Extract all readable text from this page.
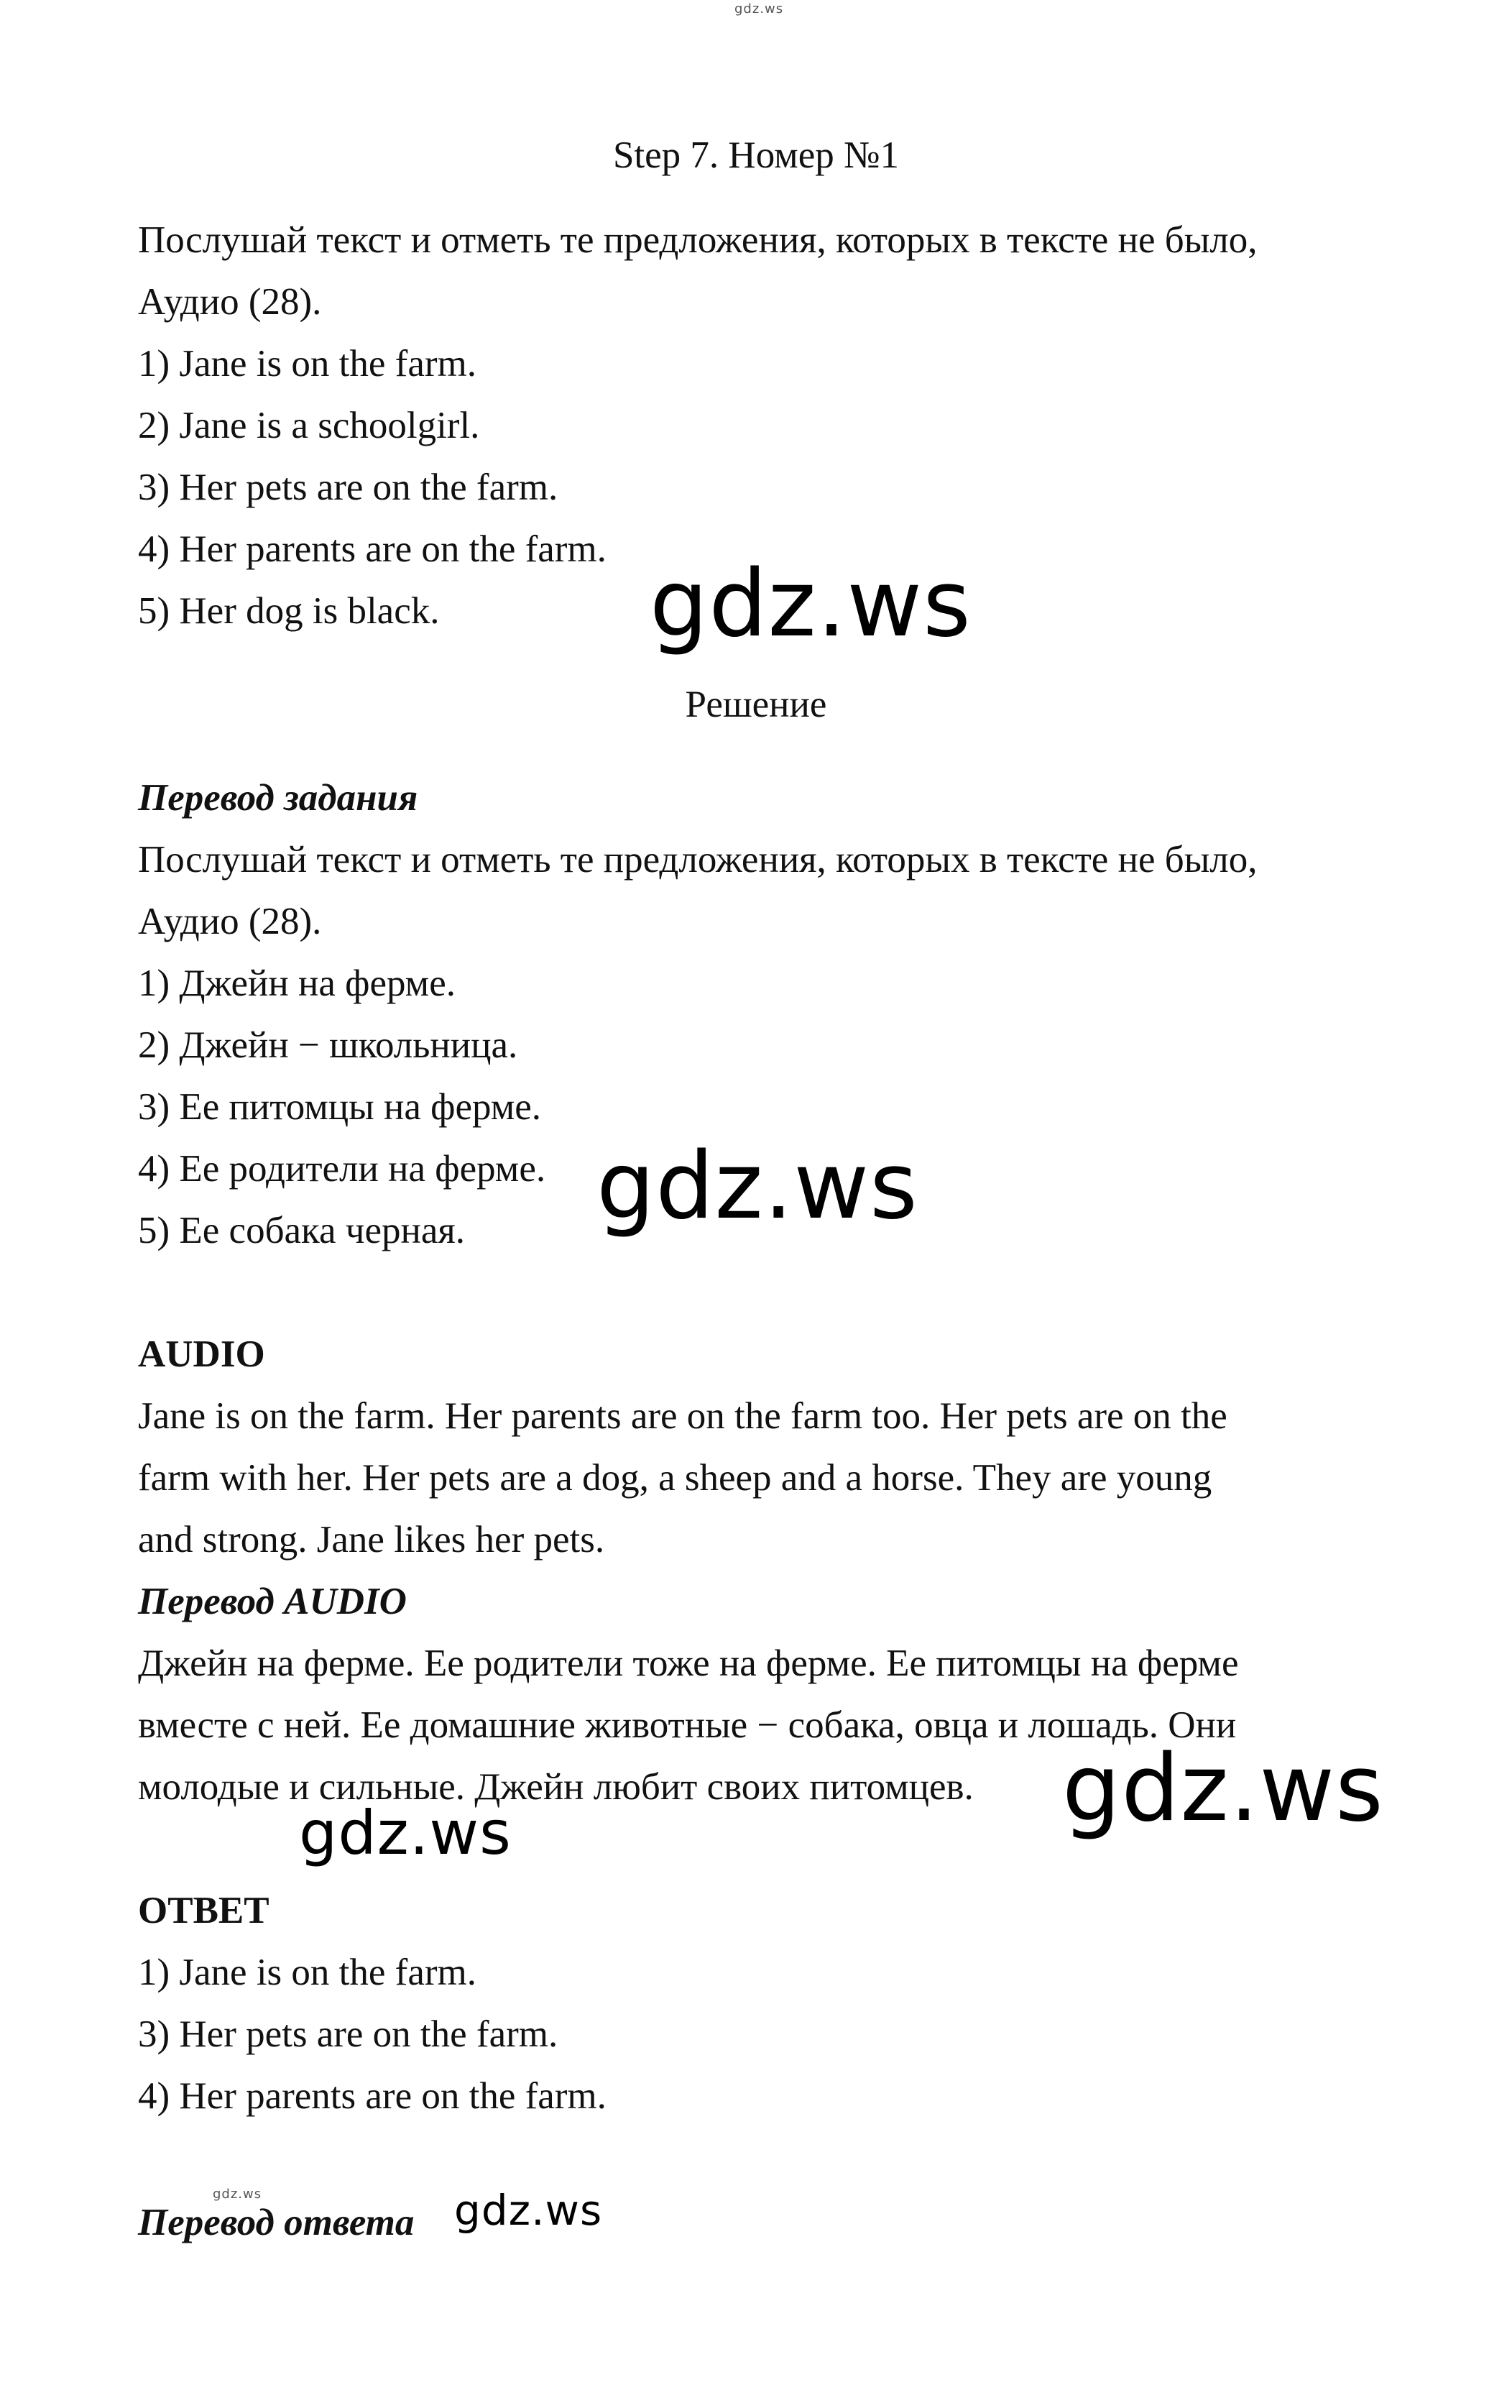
gdz.ws
Step 7. Номер №1
Послушай текст и отметь те предложения, которых в тексте не было,
Аудио (28).
1) Jane is on the farm.
2) Jane is a schoolgirl.
3) Her pets are on the farm.
4) Her parents are on the farm.
5) Her dog is black. gdz.ws
Решение
Перевод задания
Послушай текст и отметь те предложения, которых в тексте не было,
Аудио (28).
1) Джейн на ферме.
2) Джейн − школьница.
3) Ее питомцы на ферме.
4) Ее родители на ферме.
5) Ее собака черная. gdz.ws
AUDIO
Jane is on the farm. Her parents are on the farm too. Her pets are on the
farm with her. Her pets are a dog, a sheep and a horse. They are young
and strong. Jane likes her pets.
Перевод AUDIO
Джейн на ферме. Ее родители тоже на ферме. Ее питомцы на ферме
вместе с ней. Ее домашние животные − собака, овца и лошадь. Они
молодые и сильные. Джейн любит своих питомцев. gdz.ws
gdz.ws
ОТВЕТ
1) Jane is on the farm.
3) Her pets are on the farm.
4) Her parents are on the farm.
Перевод ответа gdz.ws
gdz.ws
